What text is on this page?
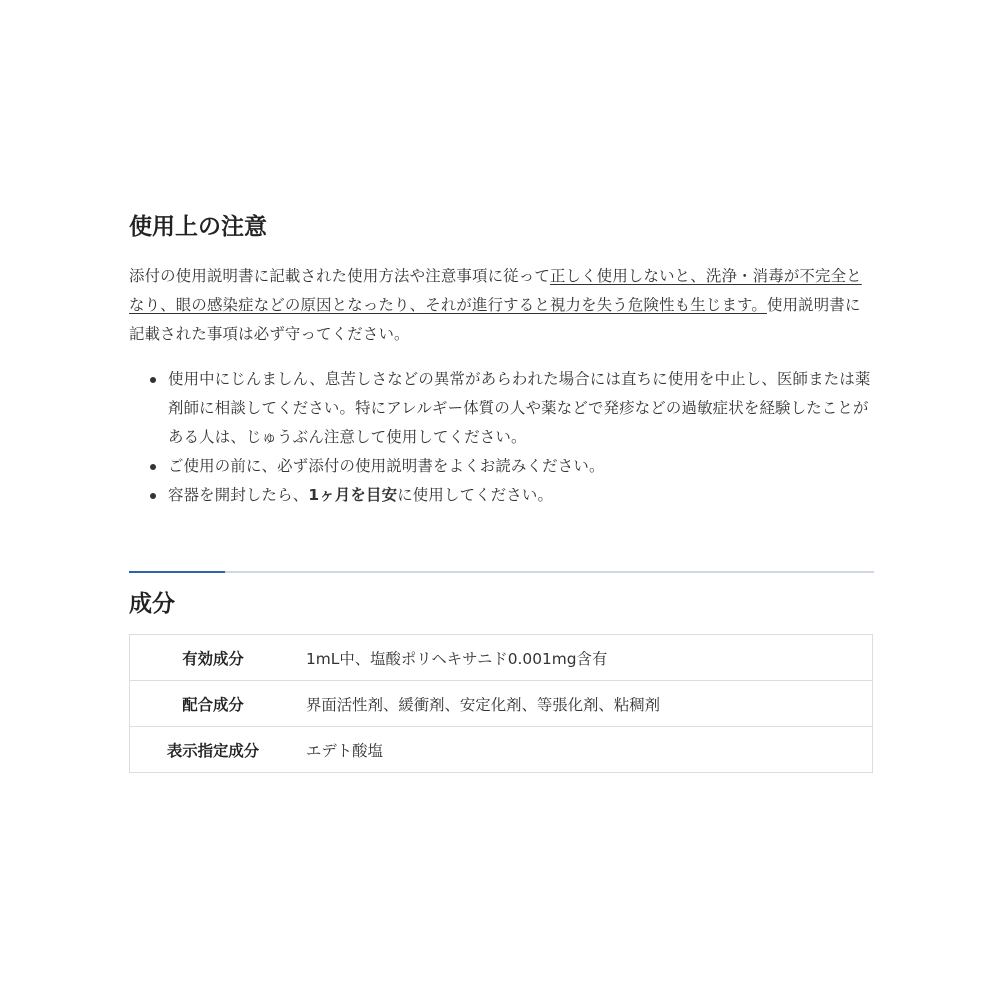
使用上の注意

添付の使用説明書に記載された使用方法や注意事項に従って正しく使用しないと、洗浄・消毒が不完全となり、眼の感染症などの原因となったり、それが進行すると視力を失う危険性も生じます。使用説明書に記載された事項は必ず守ってください。

使用中にじんましん、息苦しさなどの異常があらわれた場合には直ちに使用を中止し、医師または薬剤師に相談してください。特にアレルギー体質の人や薬などで発疹などの過敏症状を経験したことがある人は、じゅうぶん注意して使用してください。
ご使用の前に、必ず添付の使用説明書をよくお読みください。
容器を開封したら、1ヶ月を目安に使用してください。
成分
有効成分	1mL中、塩酸ポリヘキサニド0.001mg含有
配合成分	界面活性剤、緩衝剤、安定化剤、等張化剤、粘稠剤
表示指定成分	エデト酸塩
